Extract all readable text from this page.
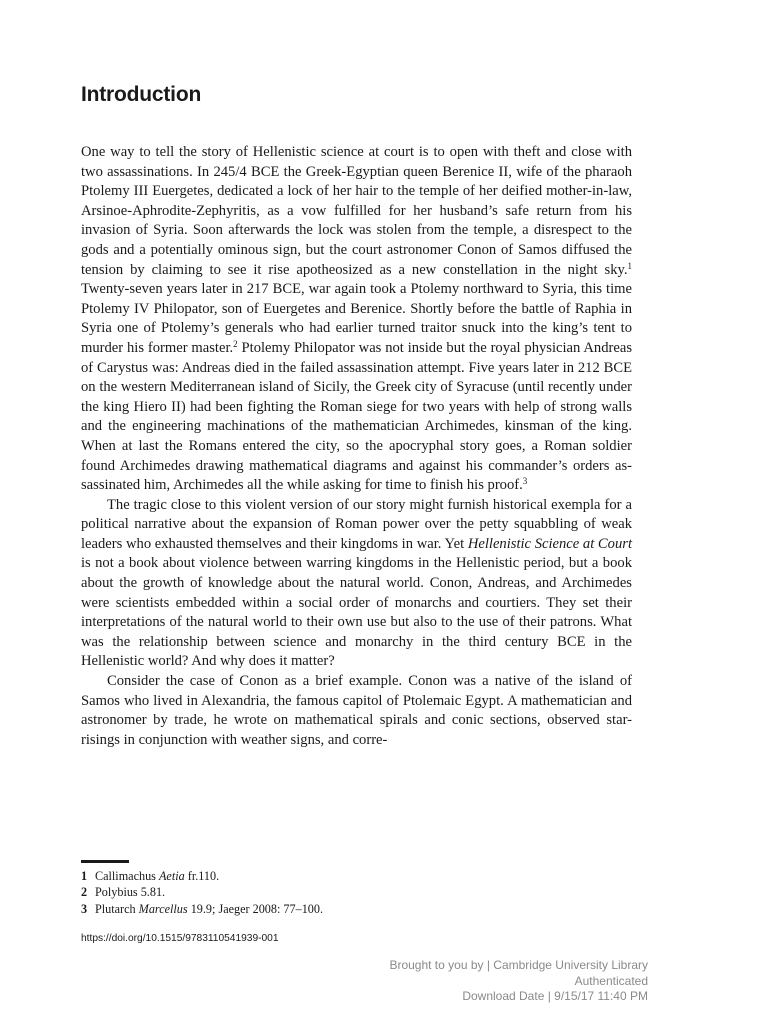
Introduction

One way to tell the story of Hellenistic science at court is to open with theft and close with two assassinations. In 245/4 BCE the Greek-Egyptian queen Berenice II, wife of the pharaoh Ptolemy III Euergetes, dedicated a lock of her hair to the temple of her deified mother-in-law, Arsinoe-Aphrodite-Zephyritis, as a vow fulfilled for her husband’s safe return from his invasion of Syria. Soon afterwards the lock was stolen from the temple, a disrespect to the gods and a potentially ominous sign, but the court astronomer Conon of Samos diffused the tension by claiming to see it rise apotheosized as a new constellation in the night sky.$^1$ Twenty-seven years later in 217 BCE, war again took a Ptolemy northward to Syria, this time Ptolemy IV Philopator, son of Euergetes and Berenice. Shortly before the battle of Raphia in Syria one of Ptolemy’s generals who had earlier turned traitor snuck into the king’s tent to murder his former master.$^2$ Ptolemy Philopator was not inside but the royal physician Andreas of Carystus was: Andreas died in the failed assassination attempt. Five years later in 212 BCE on the western Mediterranean island of Sicily, the Greek city of Syracuse (until recently under the king Hiero II) had been fighting the Roman siege for two years with help of strong walls and the engineering machinations of the mathematician Archimedes, kinsman of the king. When at last the Romans entered the city, so the apocryphal story goes, a Roman soldier found Archimedes drawing mathematical diagrams and against his commander’s orders assassinated him, Archimedes all the while asking for time to finish his proof.$^3$

The tragic close to this violent version of our story might furnish historical exempla for a political narrative about the expansion of Roman power over the petty squabbling of weak leaders who exhausted themselves and their kingdoms in war. Yet Hellenistic Science at Court is not a book about violence between warring kingdoms in the Hellenistic period, but a book about the growth of knowledge about the natural world. Conon, Andreas, and Archimedes were scientists embedded within a social order of monarchs and courtiers. They set their interpretations of the natural world to their own use but also to the use of their patrons. What was the relationship between science and monarchy in the third century BCE in the Hellenistic world? And why does it matter?

Consider the case of Conon as a brief example. Conon was a native of the island of Samos who lived in Alexandria, the famous capitol of Ptolemaic Egypt. A mathematician and astronomer by trade, he wrote on mathematical spirals and conic sections, observed star-risings in conjunction with weather signs, and corre-

1 Callimachus Aetia fr.110.

2 Polybius 5.81.

3 Plutarch Marcellus 19.9; Jaeger 2008: 77–100.

https://doi.org/10.1515/9783110541939-001
Brought to you by | Cambridge University Library
Authenticated
Download Date | 9/15/17 11:40 PM
